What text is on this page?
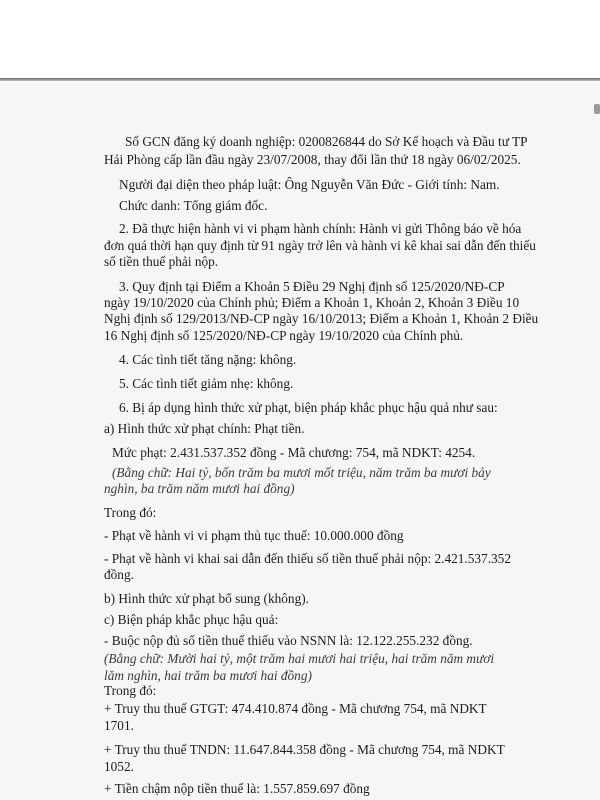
Số GCN đăng ký doanh nghiệp: 0200826844 do Sở Kế hoạch và Đầu tư TP
Hải Phòng cấp lần đầu ngày 23/07/2008, thay đổi lần thứ 18 ngày 06/02/2025.
Người đại diện theo pháp luật: Ông Nguyễn Văn Đức - Giới tính: Nam.
Chức danh: Tổng giám đốc.
2. Đã thực hiện hành vi vi phạm hành chính: Hành vi gửi Thông báo về hóa
đơn quá thời hạn quy định từ 91 ngày trở lên và hành vi kê khai sai dẫn đến thiếu
số tiền thuế phải nộp.
3. Quy định tại Điểm a Khoản 5 Điều 29 Nghị định số 125/2020/NĐ-CP
ngày 19/10/2020 của Chính phủ; Điểm a Khoản 1, Khoản 2, Khoản 3 Điều 10
Nghị định số 129/2013/NĐ-CP ngày 16/10/2013; Điểm a Khoản 1, Khoản 2 Điều
16 Nghị định số 125/2020/NĐ-CP ngày 19/10/2020 của Chính phủ.
4. Các tình tiết tăng nặng: không.
5. Các tình tiết giảm nhẹ: không.
6. Bị áp dụng hình thức xử phạt, biện pháp khắc phục hậu quả như sau:
a) Hình thức xử phạt chính: Phạt tiền.
Mức phạt: 2.431.537.352 đồng - Mã chương: 754, mã NDKT: 4254.
(Bằng chữ: Hai tỷ, bốn trăm ba mươi mốt triệu, năm trăm ba mươi bảy
nghìn, ba trăm năm mươi hai đồng)
Trong đó:
- Phạt về hành vi vi phạm thủ tục thuế: 10.000.000 đồng
- Phạt về hành vi khai sai dẫn đến thiếu số tiền thuế phải nộp: 2.421.537.352
đồng.
b) Hình thức xử phạt bổ sung (không).
c) Biện pháp khắc phục hậu quả:
- Buộc nộp đủ số tiền thuế thiếu vào NSNN là: 12.122.255.232 đồng.
(Bằng chữ: Mười hai tỷ, một trăm hai mươi hai triệu, hai trăm năm mươi
lăm nghìn, hai trăm ba mươi hai đồng)
Trong đó:
+ Truy thu thuế GTGT: 474.410.874 đồng - Mã chương 754, mã NDKT
1701.
+ Truy thu thuế TNDN: 11.647.844.358 đồng - Mã chương 754, mã NDKT
1052.
+ Tiền chậm nộp tiền thuế là: 1.557.859.697 đồng
